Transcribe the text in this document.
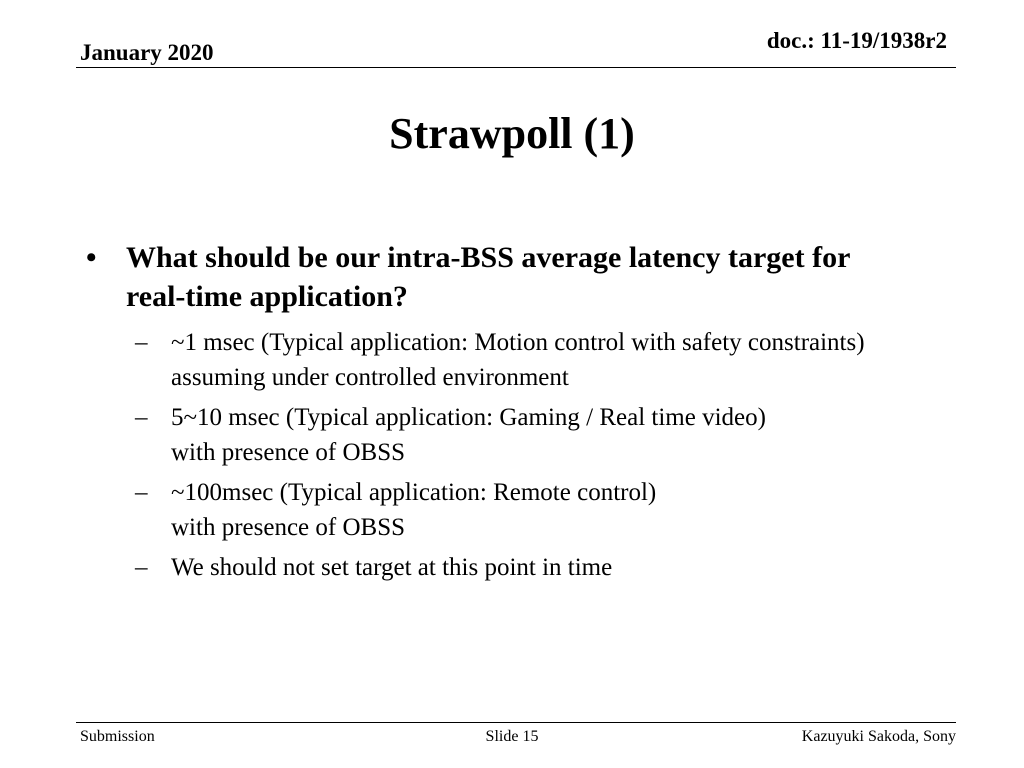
January 2020	doc.: 11-19/1938r2
Strawpoll (1)
• What should be our intra-BSS average latency target for
real-time application?
– ~1 msec (Typical application: Motion control with safety constraints)
assuming under controlled environment
– 5~10 msec (Typical application: Gaming / Real time video)
with presence of OBSS
– ~100msec (Typical application: Remote control)
with presence of OBSS
– We should not set target at this point in time
Submission	Slide 15	Kazuyuki Sakoda, Sony
